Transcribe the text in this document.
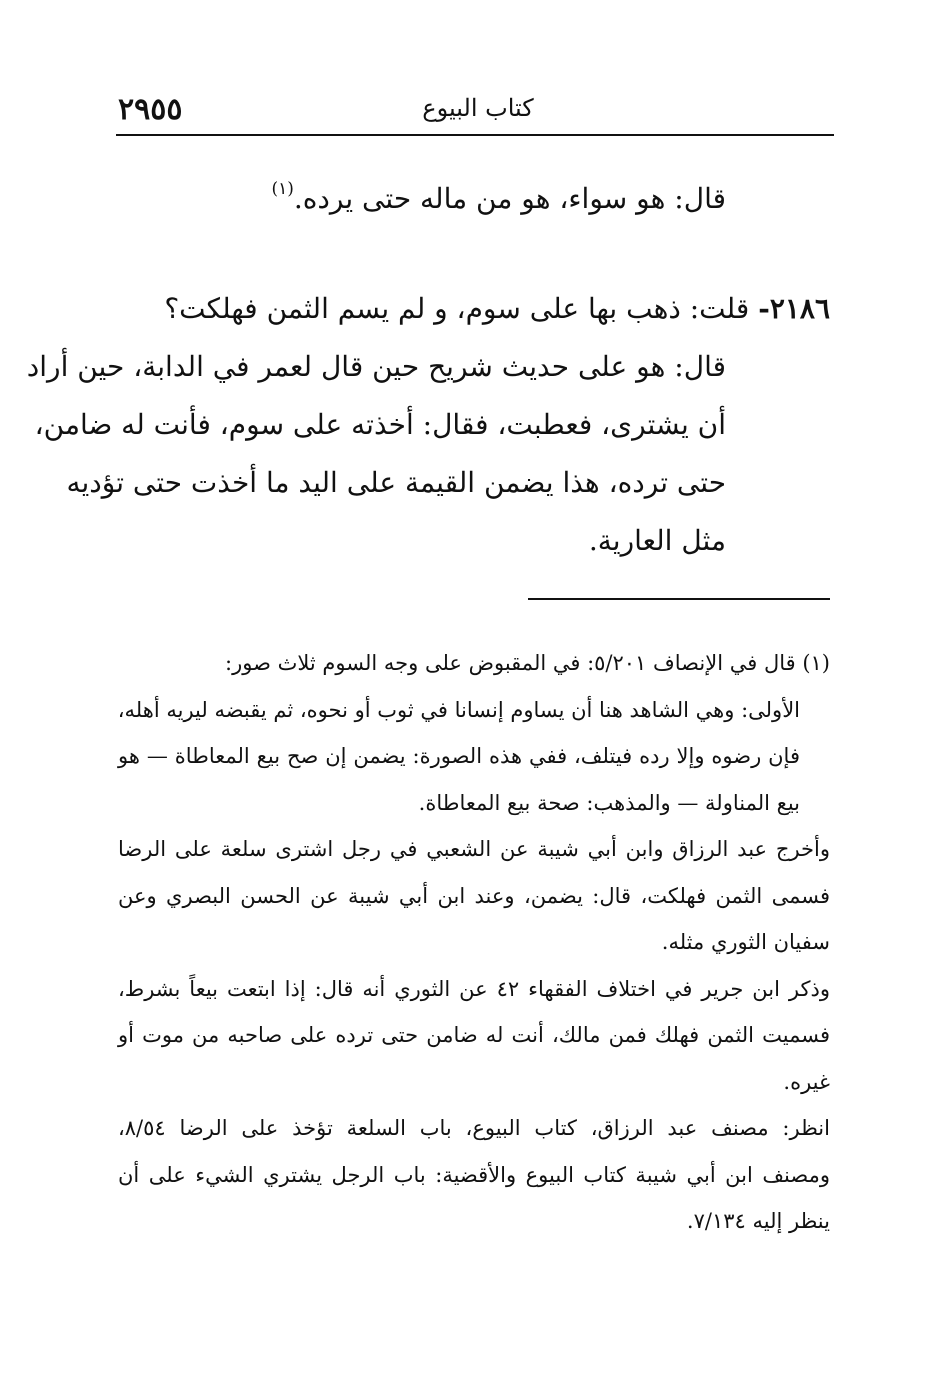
٢٩٥٥	كتاب البيوع
قال: هو سواء، هو من ماله حتى يرده.$^{(١)}$
٢١٨٦- قلت: ذهب بها على سوم، و لم يسم الثمن فهلكت؟
قال: هو على حديث شريح حين قال لعمر في الدابة، حين أراد
أن يشترى، فعطبت، فقال: أخذته على سوم، فأنت له ضامن،
حتى ترده، هذا يضمن القيمة على اليد ما أخذت حتى تؤديه
مثل العارية.
(١) قال في الإنصاف ٥/٢٠١: في المقبوض على وجه السوم ثلاث صور:
الأولى: وهي الشاهد هنا أن يساوم إنسانا في ثوب أو نحوه، ثم يقبضه ليريه أهله،
فإن رضوه وإلا رده فيتلف، ففي هذه الصورة: يضمن إن صح بيع المعاطاة — هو
بيع المناولة — والمذهب: صحة بيع المعاطاة.
وأخرج عبد الرزاق وابن أبي شيبة عن الشعبي في رجل اشترى سلعة على الرضا
فسمى الثمن فهلكت، قال: يضمن، وعند ابن أبي شيبة عن الحسن البصري وعن
سفيان الثوري مثله.
وذكر ابن جرير في اختلاف الفقهاء ٤٢ عن الثوري أنه قال: إذا ابتعت بيعاً بشرط،
فسميت الثمن فهلك فمن مالك، أنت له ضامن حتى ترده على صاحبه من موت أو
غيره.
انظر: مصنف عبد الرزاق، كتاب البيوع، باب السلعة تؤخذ على الرضا ٨/٥٤،
ومصنف ابن أبي شيبة كتاب البيوع والأقضية: باب الرجل يشتري الشيء على أن
ينظر إليه ٧/١٣٤.
